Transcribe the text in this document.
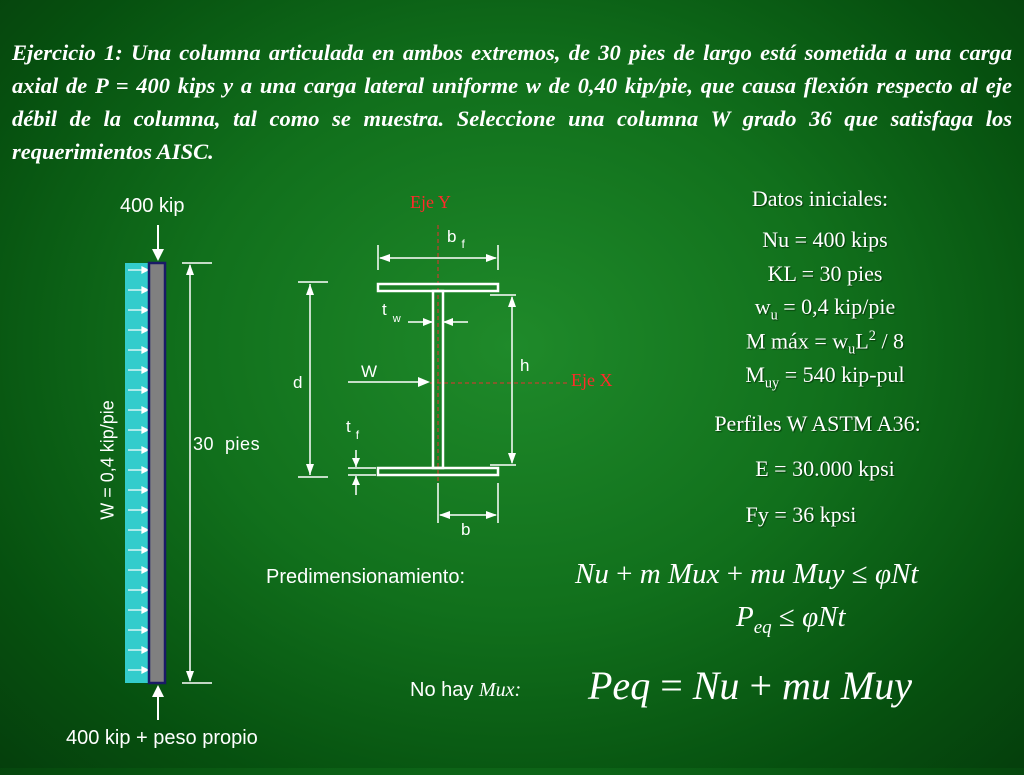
Ejercicio 1: Una columna articulada en ambos extremos, de 30 pies de largo está sometida a una carga axial de P = 400 kips y a una carga lateral uniforme w de 0,40 kip/pie, que causa flexión respecto al eje débil de la columna, tal como se muestra. Seleccione una columna W grado 36 que satisfaga los requerimientos AISC.
400 kip
30 pies
W = 0,4 kip/pie
400 kip + peso propio
Eje Y
Eje X
b $_f$
t $_w$
d
h
W
t $_f$
b
Datos iniciales:
Nu = 400 kips
KL = 30 pies
$w_u = 0,4$ kip/pie
M máx = $w_uL^2 / 8$
$M_{uy} = 540$ kip-pul
Perfiles W ASTM A36:
E = 30.000 kpsi
Fy = 36 kpsi
Predimensionamiento:	Nu + m Mux + mu Muy ≤ φNt
$P_{eq} \le \varphi Nt$
No hay Mux: Peq = Nu + mu Muy
